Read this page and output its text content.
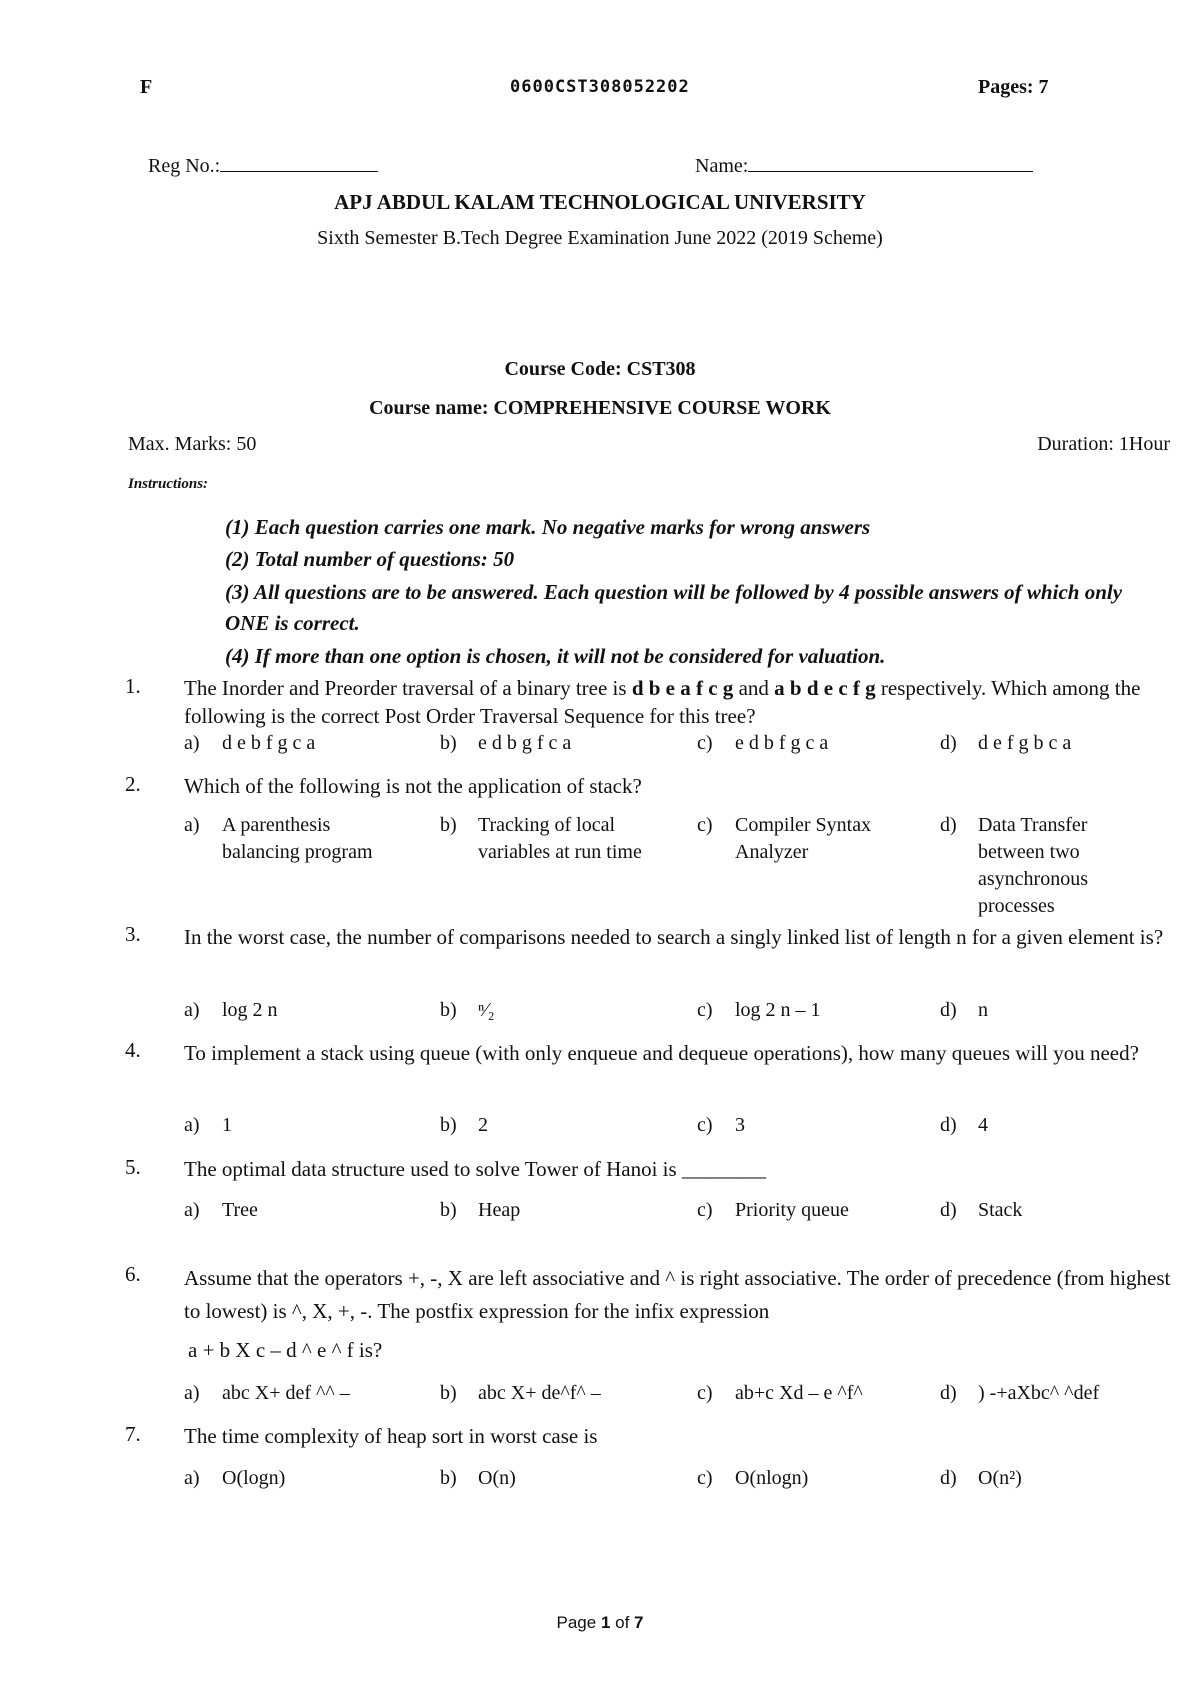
F	0600CST308052202	Pages: 7
Reg No.:	Name:
APJ ABDUL KALAM TECHNOLOGICAL UNIVERSITY
Sixth Semester B.Tech Degree Examination June 2022 (2019 Scheme)
Course Code: CST308
Course name: COMPREHENSIVE COURSE WORK
Max. Marks: 50	Duration: 1Hour
Instructions:
(1) Each question carries one mark. No negative marks for wrong answers
(2) Total number of questions: 50
(3) All questions are to be answered. Each question will be followed by 4 possible answers of which only ONE is correct.
(4) If more than one option is chosen, it will not be considered for valuation.
1. The Inorder and Preorder traversal of a binary tree is d b e a f c g and a b d e c f g respectively. Which among the following is the correct Post Order Traversal Sequence for this tree?
a) d e b f g c a	b) e d b g f c a	c) e d b f g c a	d) d e f g b c a
2. Which of the following is not the application of stack?
a) A parenthesis balancing program
b) Tracking of local variables at run time
c) Compiler Syntax Analyzer
d) Data Transfer between two asynchronous processes
3. In the worst case, the number of comparisons needed to search a singly linked list of length n for a given element is?
a) log 2 n	b) ⁿ⁄₂	c) log 2 n – 1	d) n
4. To implement a stack using queue (with only enqueue and dequeue operations), how many queues will you need?
a) 1	b) 2	c) 3	d) 4
5. The optimal data structure used to solve Tower of Hanoi is ________
a) Tree	b) Heap	c) Priority queue	d) Stack
6. Assume that the operators +, -, X are left associative and ^ is right associative. The order of precedence (from highest to lowest) is ^, X, +, -. The postfix expression for the infix expression
a + b X c – d ^ e ^ f is?
a) abc X+ def ^^ –	b) abc X+ de^f^ –	c) ab+c Xd – e ^f^	d) ) -+aXbc^ ^def
7. The time complexity of heap sort in worst case is
a) O(logn)	b) O(n)	c) O(nlogn)	d) O(n²)
Page 1 of 7
